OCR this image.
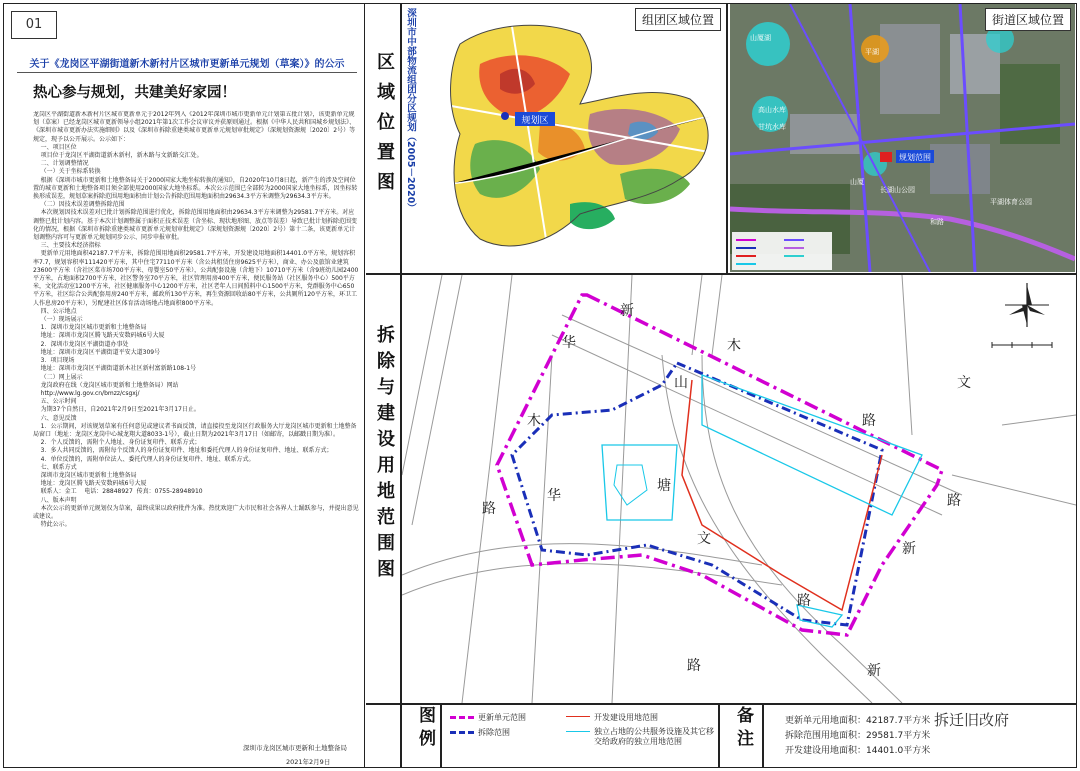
01
关于《龙岗区平湖街道新木新村片区城市更新单元规划（草案）》的公示
热心参与规划，共建美好家园！
龙岗区平湖街道新木新村片区城市更新单元于2012年列入《2012年深圳市城市更新单元计划第五批计划》，该更新单元规划（草案）已经龙岗区城市更新领导小组2021年第1次工作会议审议并获原则通过。根据《中华人民共和国城乡规划法》、《深圳市城市更新办法实施细则》以及《深圳市拆除重建类城市更新单元规划审批规定》（深规划资源规〔2020〕2号）等规定，现予以公开展示。公示如下：
一、项目区位
项目位于龙岗区平湖街道新木新村，新木路与文新路交汇处。
二、计划调整情况
（一）关于坐标系转换
根据《深圳市城市更新和土地整备局关于2000国家大地坐标转换的通知》，自2020年10月8日起，新产生的涉及空间位置的城市更新和土地整备项目须全部使用2000国家大地坐标系。本次公示范围已全部转为2000国家大地坐标系，因坐标转换形成误差，规划草案拆除范围用地面积由计划公告拆除范围用地面积由29634.3平方米调整为29634.3平方米。
（二）因技术误差调整拆除范围
本次规划因技术误差对已批计划拆除范围进行优化，拆除范围用地面积由29634.3平方米调整为29581.7平方米。对应调整已批计划内容。基于本次计划调整属于面积正技术误差（含坐标、现状地形图、放点等误差）导致已批计划拆除范围变化的情况，根据《深圳市拆除重建类城市更新单元规划审批规定》（深规划资源规〔2020〕2号）第十二条，该更新单元计划调整内容可与更新单元规划同步公示、同步申报审批。
三、主要技术经济指标
更新单元用地面积42187.7平方米，拆除范围用地面积29581.7平方米，开发建设用地面积14401.0平方米，规划容积率7.7，规划容积率111420平方米，其中住宅77110平方米（含公共租赁住房9625平方米），商业、办公及旅馆业建筑23600平方米（含社区菜市场700平方米、母婴室50平方米），公共配套设施（含地下）10710平方米（含9班幼儿园2400平方米，占地面积2700平方米，社区警务室70平方米，社区管理用房400平方米，便民服务站（社区服务中心）500平方米，文化活动室1200平方米，社区健康服务中心1200平方米，社区老年人日间照料中心1500平方米，党群服务中心650平方米，社区综合公共配套用房240平方米，邮政所130平方米，再生资源回收站80平方米，公共厕所120平方米，环卫工人作息房20平方米），另配建社区体育活动场地占地面积800平方米。
四、公示地点
（一）现场展示
1．深圳市龙岗区城市更新和土地整备局
地址：深圳市龙岗区腾飞路天安数码城6号大厦
2．深圳市龙岗区平湖街道办事处
地址：深圳市龙岗区平湖街道平安大道309号
3．项目现场
地址：深圳市龙岗区平湖街道新木社区新村富新路108-1号
（二）网上展示
龙岗政府在线（龙岗区城市更新和土地整备局）网站
http://www.lg.gov.cn/bmzz/csgxj/
五、公示时间
为期37个自然日，自2021年2月9日至2021年3月17日止。
六、意见反馈
1．公示期间，对该规划草案有任何意见或建议者书面反馈，请直接投至龙岗区行政服务大厅龙岗区城市更新和土地整备局窗口（地址：龙岗区龙岗中心城龙翔大道8033-1号），截止日期为2021年3月17日（如邮寄，以邮戳日期为准）。
2．个人反馈的，需附个人地址、身份证复印件、联系方式；
3．多人共同反馈的，需附每个反馈人的身份证复印件、地址和委托代理人的身份证复印件、地址、联系方式；
4．单位反馈的，需附单位法人、委托代理人的身份证复印件、地址、联系方式。
七、联系方式
深圳市龙岗区城市更新和土地整备局
地址：龙岗区腾飞路天安数码城6号大厦
联系人：金工    电话：28848927  传真：0755-28948910
八、版本声明
本次公示的更新单元规划仅为草案，最终成果以政府批件为准。热忱欢迎广大市民和社会各界人士踊跃参与，并提出意见或建议。
特此公示。
深圳市龙岗区城市更新和土地整备局
2021年2月9日
区域位置图
拆除与建设用地范围图
深圳市中部物流组团分区规划（2005－2020）	规划区
组团区域位置
规划范围
山厦湖
山厦
高山水库
甘坑水库
平湖
和路
平湖体育公园
长湖山公园
街道区域位置
新
木
路
华
山
塘
文
路
新
路
华
木
路
新
文
路
图例	更新单元范围	开发建设用地范围
拆除范围	独立占地的公共服务设施及其它移交给政府的独立用地范围	备注	更新单元用地面积：42187.7平方米
拆除范围用地面积：29581.7平方米
开发建设用地面积：14401.0平方米
拆迁旧改府
